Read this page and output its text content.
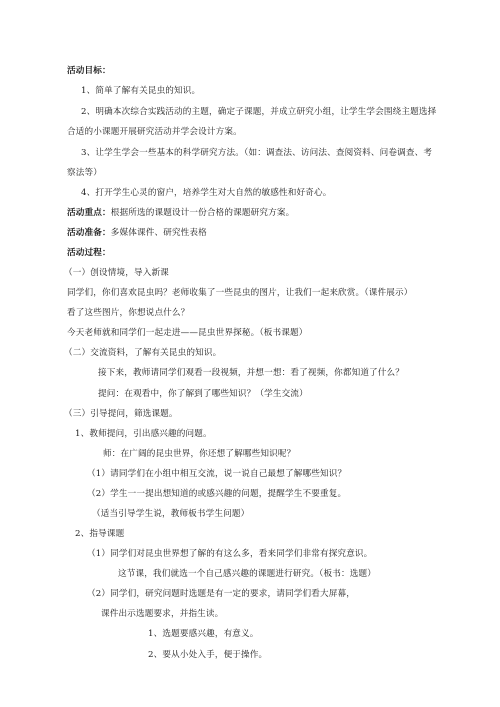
活动目标：
1、简单了解有关昆虫的知识。
2、明确本次综合实践活动的主题，确定子课题，并成立研究小组，让学生学会围绕主题选择
合适的小课题开展研究活动并学会设计方案。
3、让学生学会一些基本的科学研究方法。（如：调查法、访问法、查阅资料、问卷调查、考
察法等）
4、打开学生心灵的窗户，培养学生对大自然的敏感性和好奇心。
活动重点：根据所选的课题设计一份合格的课题研究方案。
活动准备：多媒体课件、研究性表格
活动过程：
（一）创设情境，导入新课
同学们，你们喜欢昆虫吗？老师收集了一些昆虫的图片，让我们一起来欣赏。（课件展示）
看了这些图片，你想说点什么？
今天老师就和同学们一起走进——昆虫世界探秘。（板书课题）
（二）交流资料，了解有关昆虫的知识。
接下来，教师请同学们观看一段视频，并想一想：看了视频，你都知道了什么？
提问：在观看中，你了解到了哪些知识？（学生交流）
（三）引导提问，筛选课题。
1、教师提问，引出感兴趣的问题。
师：在广阔的昆虫世界，你还想了解哪些知识呢？
（1）请同学们在小组中相互交流，说一说自己最想了解哪些知识？
（2）学生一一提出想知道的或感兴趣的问题，提醒学生不要重复。
（适当引导学生说，教师板书学生问题）
2、指导课题
（1）同学们对昆虫世界想了解的有这么多，看来同学们非常有探究意识。
这节课，我们就选一个自己感兴趣的课题进行研究。（板书：选题）
（2）同学们，研究问题时选题是有一定的要求，请同学们看大屏幕，
课件出示选题要求，并指生读。
1、选题要感兴趣，有意义。
2、要从小处入手，便于操作。
